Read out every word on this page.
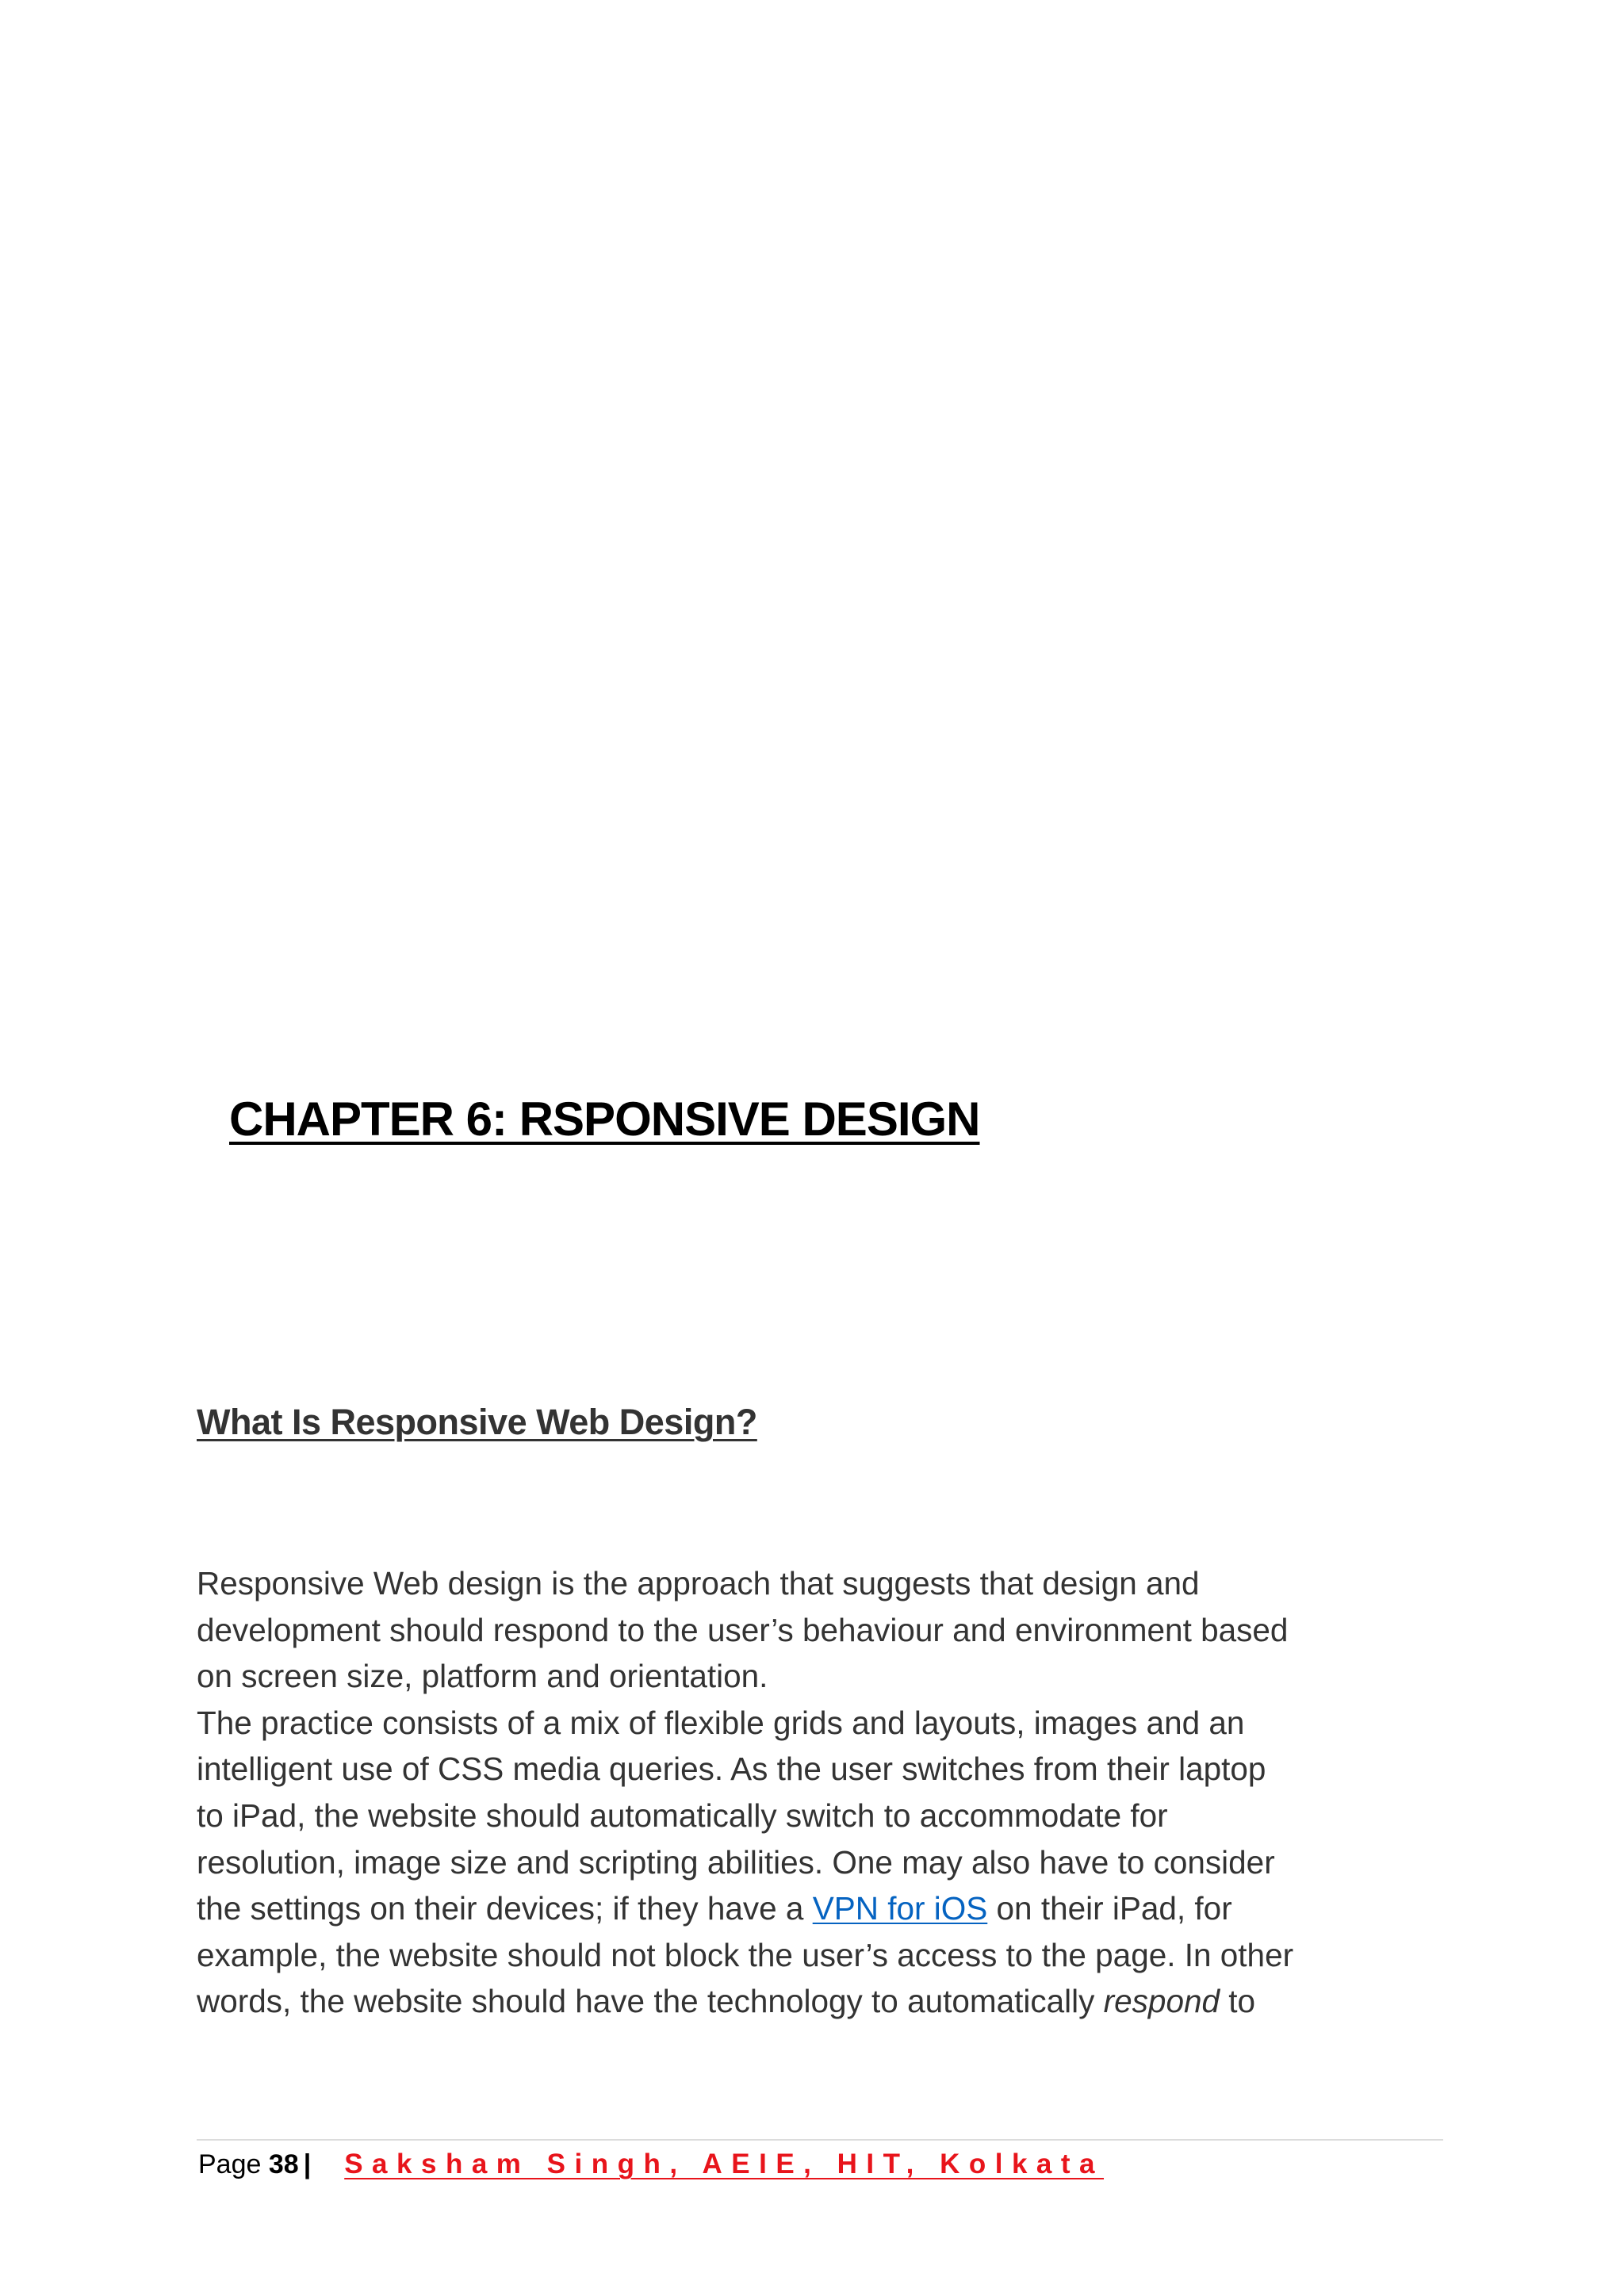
CHAPTER 6: RSPONSIVE DESIGN
What Is Responsive Web Design?
Responsive Web design is the approach that suggests that design and
development should respond to the user’s behaviour and environment based
on screen size, platform and orientation.
The practice consists of a mix of flexible grids and layouts, images and an
intelligent use of CSS media queries. As the user switches from their laptop
to iPad, the website should automatically switch to accommodate for
resolution, image size and scripting abilities. One may also have to consider
the settings on their devices; if they have a VPN for iOS on their iPad, for
example, the website should not block the user’s access to the page. In other
words, the website should have the technology to automatically respond to
Page 38 | Saksham Singh, AEIE, HIT, Kolkata
